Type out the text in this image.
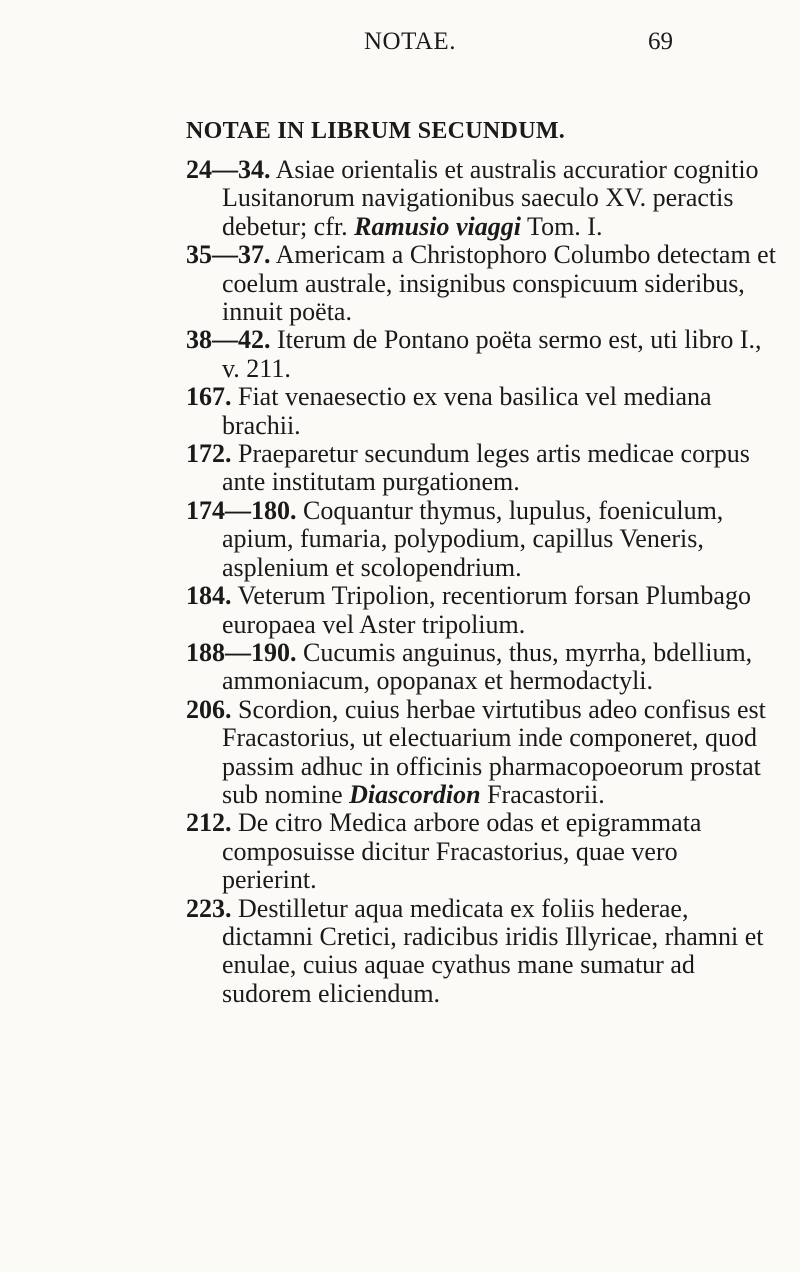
NOTAE.	69
NOTAE IN LIBRUM SECUNDUM.

24—34. Asiae orientalis et australis accuratior cognitio Lusitanorum navigationibus saeculo XV. peractis debetur; cfr. Ramusio viaggi Tom. I.

35—37. Americam a Christophoro Columbo detectam et coelum australe, insignibus conspicuum sideribus, innuit poëta.

38—42. Iterum de Pontano poëta sermo est, uti libro I., v. 211.

167. Fiat venaesectio ex vena basilica vel mediana brachii.

172. Praeparetur secundum leges artis medicae corpus ante institutam purgationem.

174—180. Coquantur thymus, lupulus, foeniculum, apium, fumaria, polypodium, capillus Veneris, asplenium et scolopendrium.

184. Veterum Tripolion, recentiorum forsan Plumbago europaea vel Aster tripolium.

188—190. Cucumis anguinus, thus, myrrha, bdellium, ammoniacum, opopanax et hermodactyli.

206. Scordion, cuius herbae virtutibus adeo confisus est Fracastorius, ut electuarium inde componeret, quod passim adhuc in officinis pharmacopoeorum prostat sub nomine Diascordion Fracastorii.

212. De citro Medica arbore odas et epigrammata composuisse dicitur Fracastorius, quae vero perierint.

223. Destilletur aqua medicata ex foliis hederae, dictamni Cretici, radicibus iridis Illyricae, rhamni et enulae, cuius aquae cyathus mane sumatur ad sudorem eliciendum.
